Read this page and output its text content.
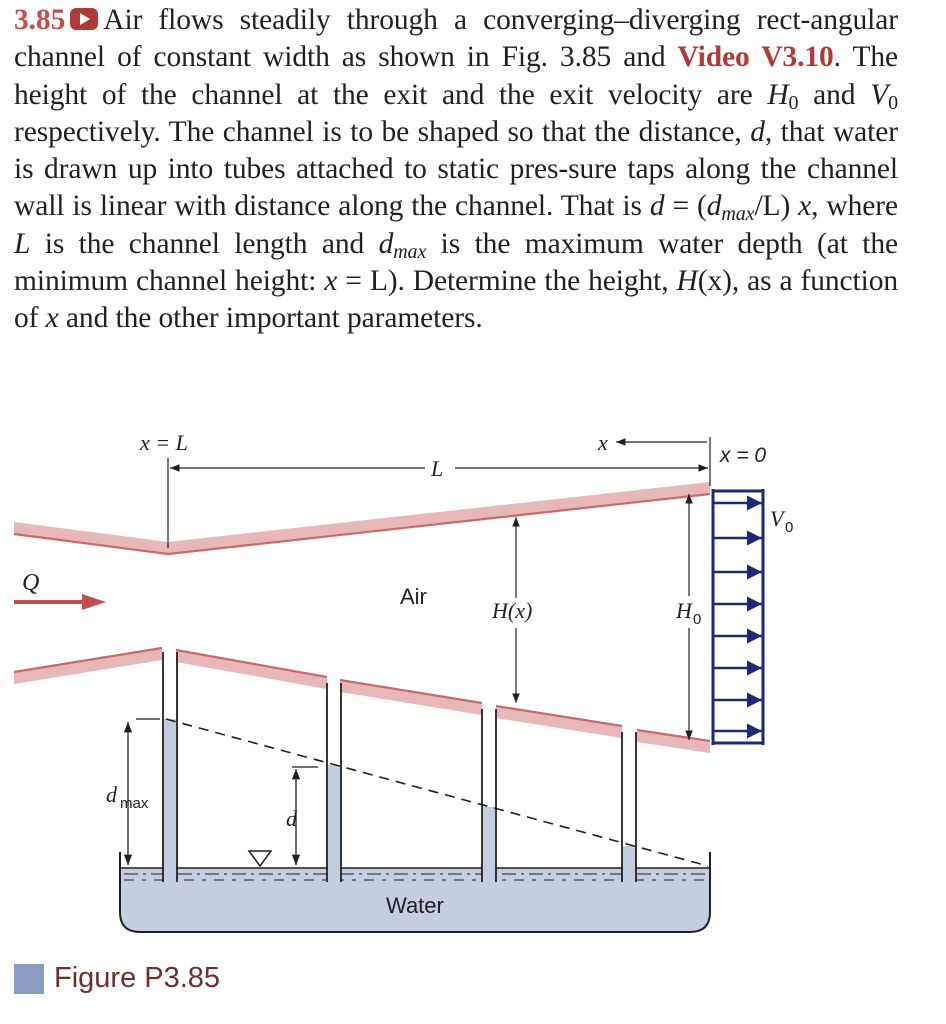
3.85 Air flows steadily through a converging–diverging rect-angular channel of constant width as shown in Fig. 3.85 and Video V3.10. The height of the channel at the exit and the exit velocity are $H_0$ and $V_0$ respectively. The channel is to be shaped so that the distance, d, that water is drawn up into tubes attached to static pres-sure taps along the channel wall is linear with distance along the channel. That is $d = (d_{max}/L)$ x, where L is the channel length and $d_{max}$ is the maximum water depth (at the minimum channel height: x = L). Determine the height, H(x), as a function of x and the other important parameters.
d max
d
L
x = L	x
x = 0
H(x)	H 0
V 0
Q
Air
Water
Figure P3.85
